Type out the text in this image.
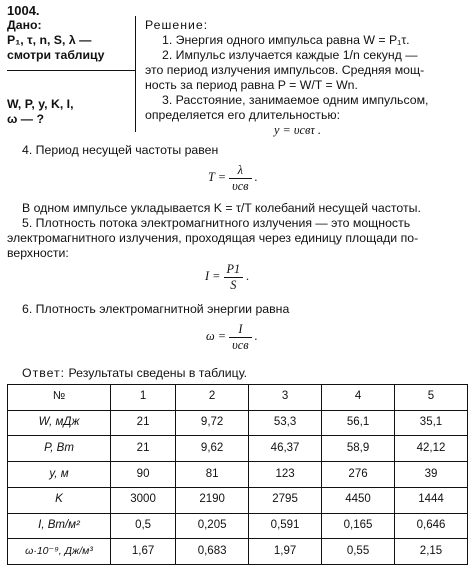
1004.
Дано:
P₁, τ, n, S, λ —
смотри таблицу
W, P, y, K, I,
ω — ?
Решение:
1. Энергия одного импульса равна W = P₁τ.
2. Импульс излучается каждые 1/n секунд —
это период излучения импульсов. Средняя мощ-
ность за период равна P = W/T = Wn.
3. Расстояние, занимаемое одним импульсом,
определяется его длительностью:
y = υсвτ .
4. Период несущей частоты равен
$T = \frac{\lambda}{\text{υсв}}$ .
В одном импульсе укладывается K = τ/T колебаний несущей частоты.
5. Плотность потока электромагнитного излучения — это мощность
электромагнитного излучения, проходящая через единицу площади по-
верхности:
$I = \frac{P1}{S}$ .
6. Плотность электромагнитной энергии равна
$\omega = \frac{I}{\text{υсв}}$ .
Ответ: Результаты сведены в таблицу.
№	1	2	3	4	5
W, мДж	21	9,72	53,3	56,1	35,1
P, Вт	21	9,62	46,37	58,9	42,12
y, м	90	81	123	276	39
K	3000	2190	2795	4450	1444
I, Вт/м²	0,5	0,205	0,591	0,165	0,646
ω·10⁻⁹, Дж/м³	1,67	0,683	1,97	0,55	2,15
